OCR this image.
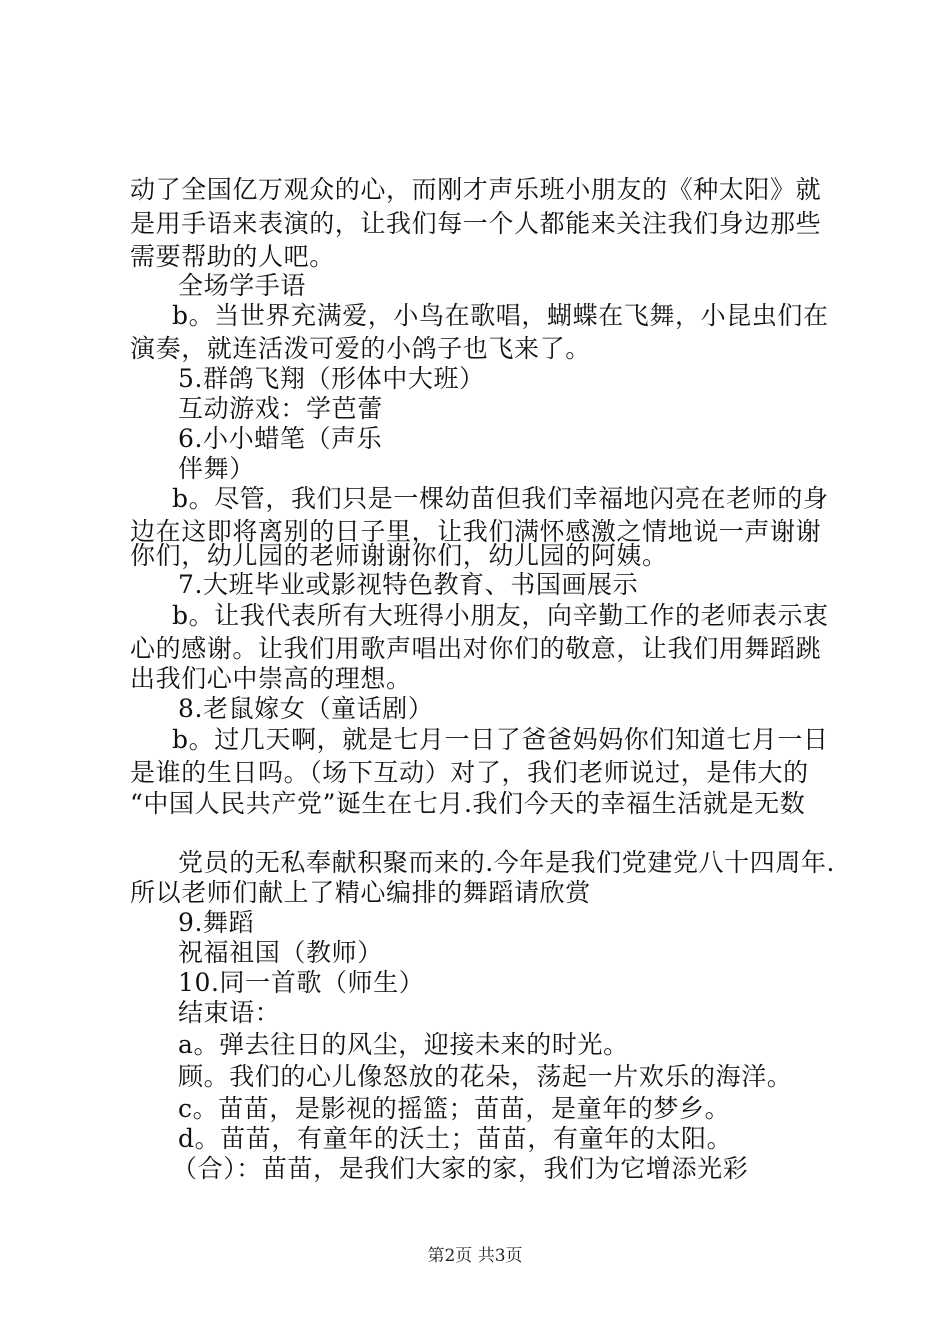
动了全国亿万观众的心，而刚才声乐班小朋友的《种太阳》就
是用手语来表演的，让我们每一个人都能来关注我们身边那些
需要帮助的人吧。
全场学手语
b。当世界充满爱，小鸟在歌唱，蝴蝶在飞舞，小昆虫们在
演奏，就连活泼可爱的小鸽子也飞来了。
5.群鸽飞翔（形体中大班）
互动游戏：学芭蕾
6.小小蜡笔（声乐
伴舞）
b。尽管，我们只是一棵幼苗但我们幸福地闪亮在老师的身
边在这即将离别的日子里，让我们满怀感激之情地说一声谢谢
你们，幼儿园的老师谢谢你们，幼儿园的阿姨。
7.大班毕业或影视特色教育、书国画展示
b。让我代表所有大班得小朋友，向辛勤工作的老师表示衷
心的感谢。让我们用歌声唱出对你们的敬意，让我们用舞蹈跳
出我们心中崇高的理想。
8.老鼠嫁女（童话剧）
b。过几天啊，就是七月一日了爸爸妈妈你们知道七月一日
是谁的生日吗。（场下互动）对了，我们老师说过，是伟大的
“中国人民共产党”诞生在七月.我们今天的幸福生活就是无数
党员的无私奉献积聚而来的.今年是我们党建党八十四周年.
所以老师们献上了精心编排的舞蹈请欣赏
9.舞蹈
祝福祖国（教师）
10.同一首歌（师生）
结束语：
a。弹去往日的风尘，迎接未来的时光。
顾。我们的心儿像怒放的花朵，荡起一片欢乐的海洋。
c。苗苗，是影视的摇篮；苗苗，是童年的梦乡。
d。苗苗，有童年的沃土；苗苗，有童年的太阳。
（合）：苗苗，是我们大家的家，我们为它增添光彩
第2页 共3页
